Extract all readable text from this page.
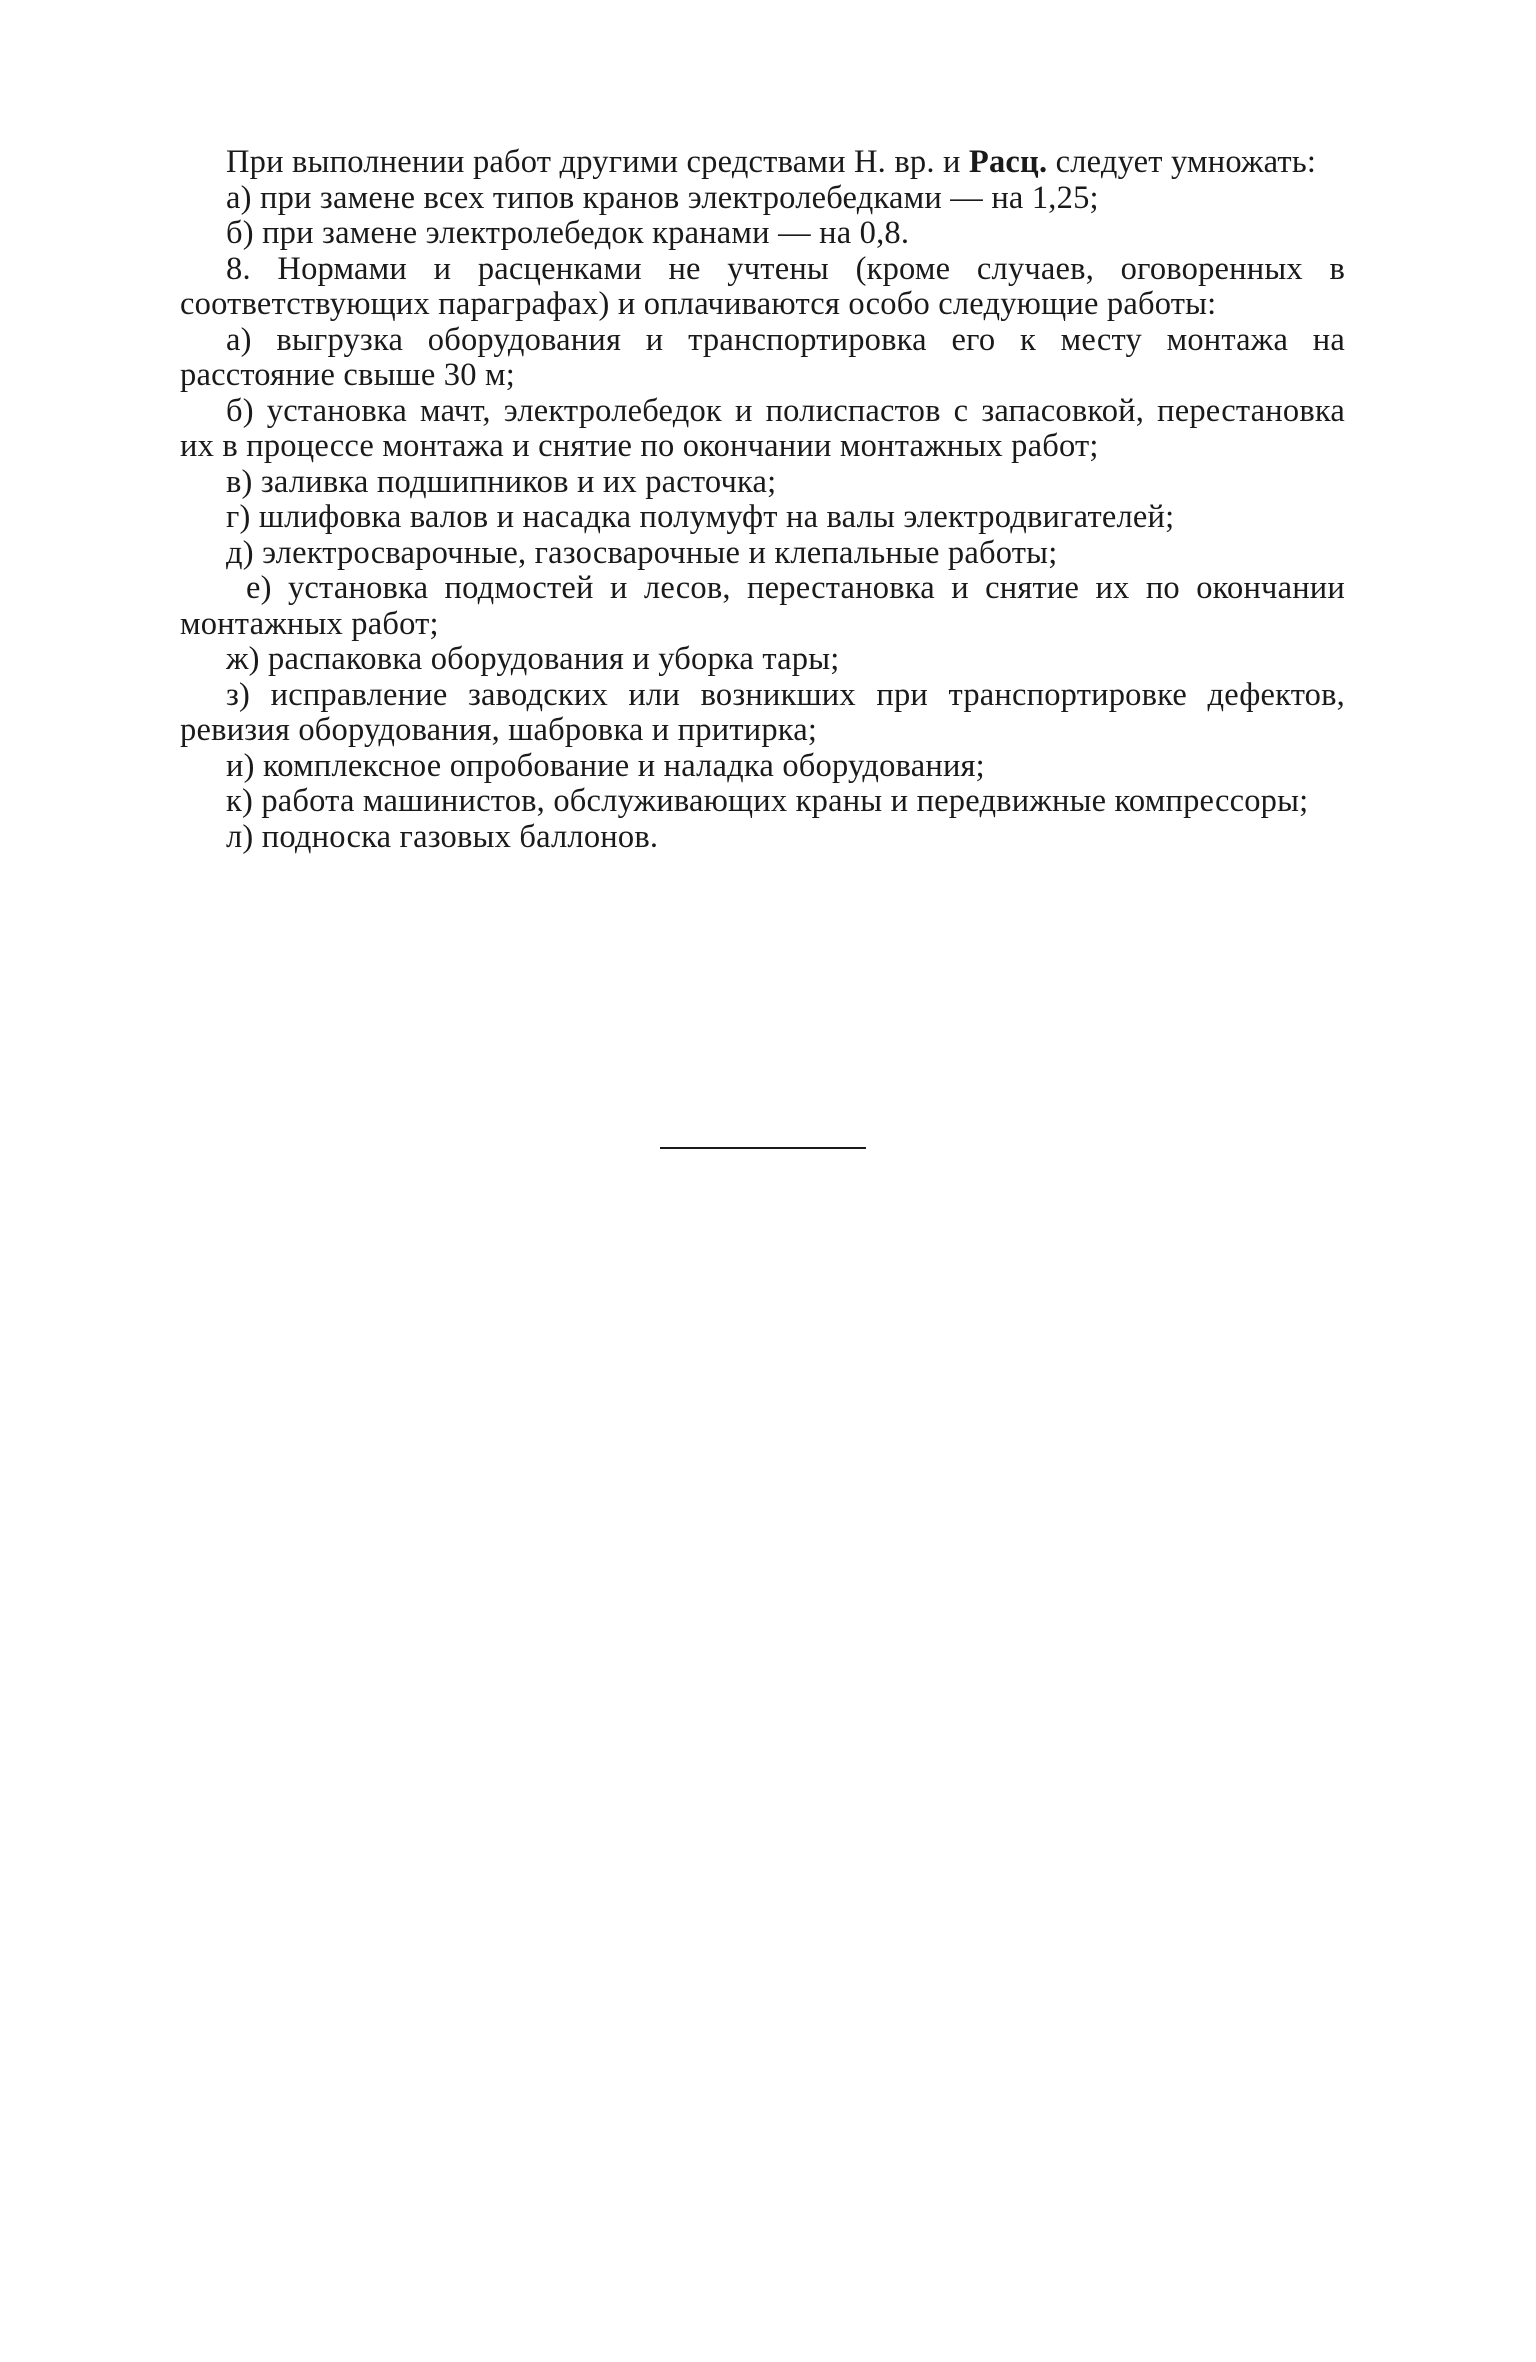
При выполнении работ другими средствами Н. вр. и Расц. следует умножать:

а) при замене всех типов кранов электролебедками — на 1,25;

б) при замене электролебедок кранами — на 0,8.

8. Нормами и расценками не учтены (кроме случаев, оговоренных в соответствующих параграфах) и оплачиваются особо следующие работы:

а) выгрузка оборудования и транспортировка его к месту монтажа на расстояние свыше 30 м;

б) установка мачт, электролебедок и полиспастов с запасовкой, перестановка их в процессе монтажа и снятие по окончании монтажных работ;

в) заливка подшипников и их расточка;

г) шлифовка валов и насадка полумуфт на валы электродвигателей;

д) электросварочные, газосварочные и клепальные работы;

е) установка подмостей и лесов, перестановка и снятие их по окончании монтажных работ;

ж) распаковка оборудования и уборка тары;

з) исправление заводских или возникших при транспортировке дефектов, ревизия оборудования, шабровка и притирка;

и) комплексное опробование и наладка оборудования;

к) работа машинистов, обслуживающих краны и передвижные компрессоры;

л) подноска газовых баллонов.
